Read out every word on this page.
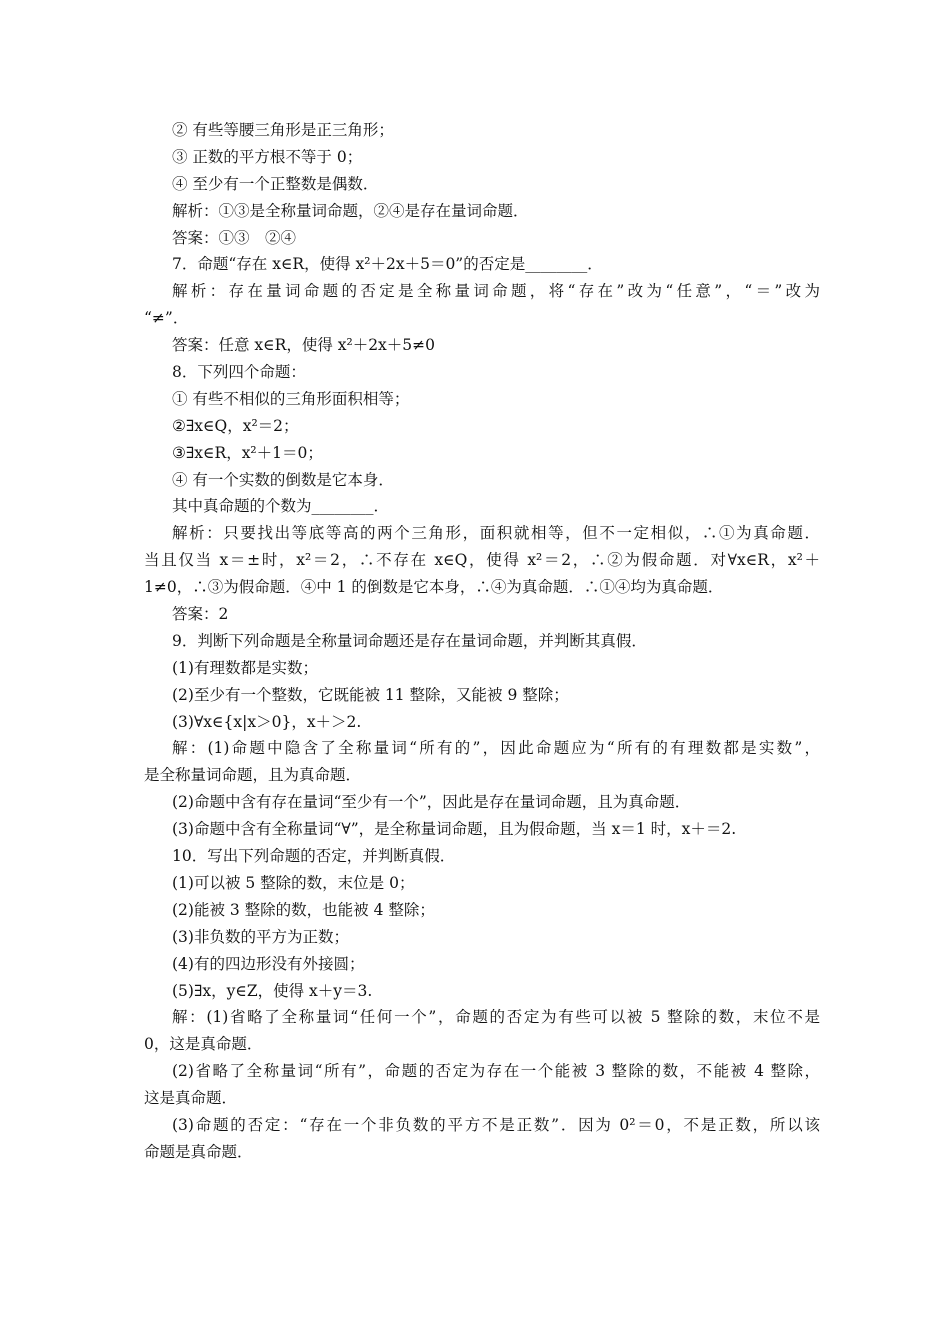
② 有些等腰三角形是正三角形；
③ 正数的平方根不等于 0；
④ 至少有一个正整数是偶数．
解析：①③是全称量词命题，②④是存在量词命题．
答案：①③　②④
7．命题“存在 x∈R，使得 x²＋2x＋5＝0”的否定是________．
解析：存在量词命题的否定是全称量词命题，将“存在”改为“任意”，“＝”改为
“≠”．
答案：任意 x∈R，使得 x²＋2x＋5≠0
8．下列四个命题：
① 有些不相似的三角形面积相等；
②∃x∈Q，x²＝2；
③∃x∈R，x²＋1＝0；
④ 有一个实数的倒数是它本身．
其中真命题的个数为________．
解析：只要找出等底等高的两个三角形，面积就相等，但不一定相似，∴①为真命题．
当且仅当 x＝±时，x²＝2，∴不存在 x∈Q，使得 x²＝2，∴②为假命题．对∀x∈R，x²＋
1≠0，∴③为假命题．④中 1 的倒数是它本身，∴④为真命题．∴①④均为真命题．
答案：2
9．判断下列命题是全称量词命题还是存在量词命题，并判断其真假．
(1)有理数都是实数；
(2)至少有一个整数，它既能被 11 整除，又能被 9 整除；
(3)∀x∈{x|x＞0}，x＋＞2.
解：(1)命题中隐含了全称量词“所有的”，因此命题应为“所有的有理数都是实数”，
是全称量词命题，且为真命题．
(2)命题中含有存在量词“至少有一个”，因此是存在量词命题，且为真命题．
(3)命题中含有全称量词“∀”，是全称量词命题，且为假命题，当 x＝1 时，x＋＝2.
10．写出下列命题的否定，并判断真假．
(1)可以被 5 整除的数，末位是 0；
(2)能被 3 整除的数，也能被 4 整除；
(3)非负数的平方为正数；
(4)有的四边形没有外接圆；
(5)∃x，y∈Z，使得 x＋y＝3.
解：(1)省略了全称量词“任何一个”，命题的否定为有些可以被 5 整除的数，末位不是
0，这是真命题．
(2)省略了全称量词“所有”，命题的否定为存在一个能被 3 整除的数，不能被 4 整除，
这是真命题．
(3)命题的否定：“存在一个非负数的平方不是正数”．因为 0²＝0，不是正数，所以该
命题是真命题．
